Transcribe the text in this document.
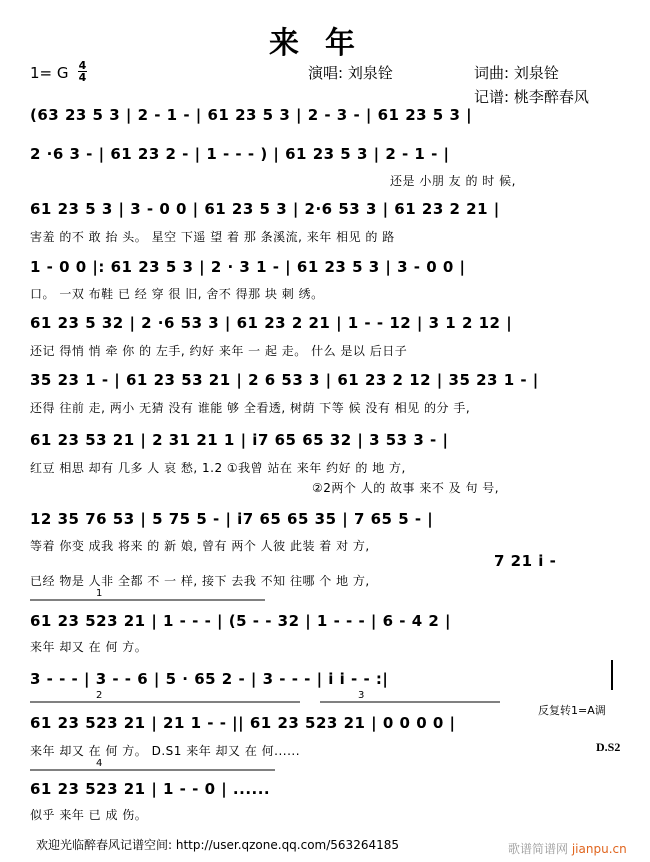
来年
1= G 4
4	演唱: 刘泉铨	词曲: 刘泉铨
记谱: 桃李醉春风
(63 23 5 3 | 2 - 1 - | 61 23 5 3 | 2 - 3 - | 61 23 5 3 |
2 ·6 3 - | 61 23 2 - | 1 - - - ) | 61 23 5 3 | 2 - 1 - |
还是 小朋 友 的 时 候,
61 23 5 3 | 3 - 0 0 | 61 23 5 3 | 2·6 53 3 | 61 23 2 21 |
害羞 的不 敢 抬 头。 星空 下遥 望 着 那 条溪流, 来年 相见 的 路
1 - 0 0 |: 61 23 5 3 | 2 · 3 1 - | 61 23 5 3 | 3 - 0 0 |
口。 一双 布鞋 已 经 穿 很 旧, 舍不 得那 块 刺 绣。
61 23 5 32 | 2 ·6 53 3 | 61 23 2 21 | 1 - - 12 | 3 1 2 12 |
还记 得悄 悄 牵 你 的 左手, 约好 来年 一 起 走。 什么 是以 后日子
35 23 1 - | 61 23 53 21 | 2 6 53 3 | 61 23 2 12 | 35 23 1 - |
还得 往前 走, 两小 无猜 没有 谁能 够 全看透, 树荫 下等 候 没有 相见 的分 手,
61 23 53 21 | 2 31 21 1 | i7 65 65 32 | 3 53 3 - |
红豆 相思 却有 几多 人 哀 愁, 1.2 ①我曾 站在 来年 约好 的 地 方,
②2两个 人的 故事 来不 及 句 号,
12 35 76 53 | 5 75 5 - | i7 65 65 35 | 7 65 5 - |
等着 你变 成我 将来 的 新 娘, 曾有 两个 人彼 此装 着 对 方,
7 21 i -
已经 物是 人非 全都 不 一 样, 接下 去我 不知 往哪 个 地 方,
61 23 523 21 | 1 - - - | (5 - - 32 | 1 - - - | 6 - 4 2 |
来年 却又 在 何 方。
3 - - - | 3 - - 6 | 5 · 65 2 - | 3 - - - | i i - - :|
61 23 523 21 | 21 1 - - || 61 23 523 21 | 0 0 0 0 |
来年 却又 在 何 方。 D.S1 来年 却又 在 何......	D.S2
反复转1=A调
61 23 523 21 | 1 - - 0 | ......
似乎 来年 已 成 伤。
1
2	3
4
欢迎光临醉春风记谱空间: http://user.qzone.qq.com/563264185	歌谱简谱网 jianpu.cn
